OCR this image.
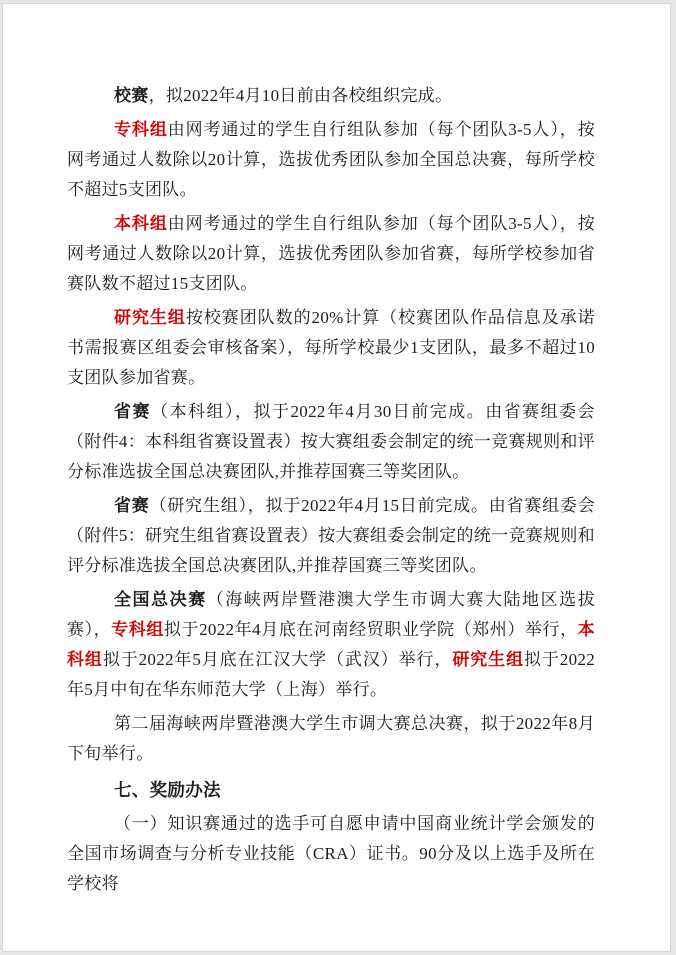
校赛，拟2022年4月10日前由各校组织完成。

专科组由网考通过的学生自行组队参加（每个团队3-5人），按网考通过人数除以20计算，选拔优秀团队参加全国总决赛，每所学校不超过5支团队。

本科组由网考通过的学生自行组队参加（每个团队3-5人），按网考通过人数除以20计算，选拔优秀团队参加省赛，每所学校参加省赛队数不超过15支团队。

研究生组按校赛团队数的20%计算（校赛团队作品信息及承诺书需报赛区组委会审核备案），每所学校最少1支团队，最多不超过10支团队参加省赛。

省赛（本科组），拟于2022年4月30日前完成。由省赛组委会（附件4：本科组省赛设置表）按大赛组委会制定的统一竞赛规则和评分标准选拔全国总决赛团队,并推荐国赛三等奖团队。

省赛（研究生组），拟于2022年4月15日前完成。由省赛组委会（附件5：研究生组省赛设置表）按大赛组委会制定的统一竞赛规则和评分标准选拔全国总决赛团队,并推荐国赛三等奖团队。

全国总决赛（海峡两岸暨港澳大学生市调大赛大陆地区选拔赛），专科组拟于2022年4月底在河南经贸职业学院（郑州）举行，本科组拟于2022年5月底在江汉大学（武汉）举行，研究生组拟于2022年5月中旬在华东师范大学（上海）举行。

第二届海峡两岸暨港澳大学生市调大赛总决赛，拟于2022年8月下旬举行。

七、奖励办法

（一）知识赛通过的选手可自愿申请中国商业统计学会颁发的全国市场调查与分析专业技能（CRA）证书。90分及以上选手及所在学校将
